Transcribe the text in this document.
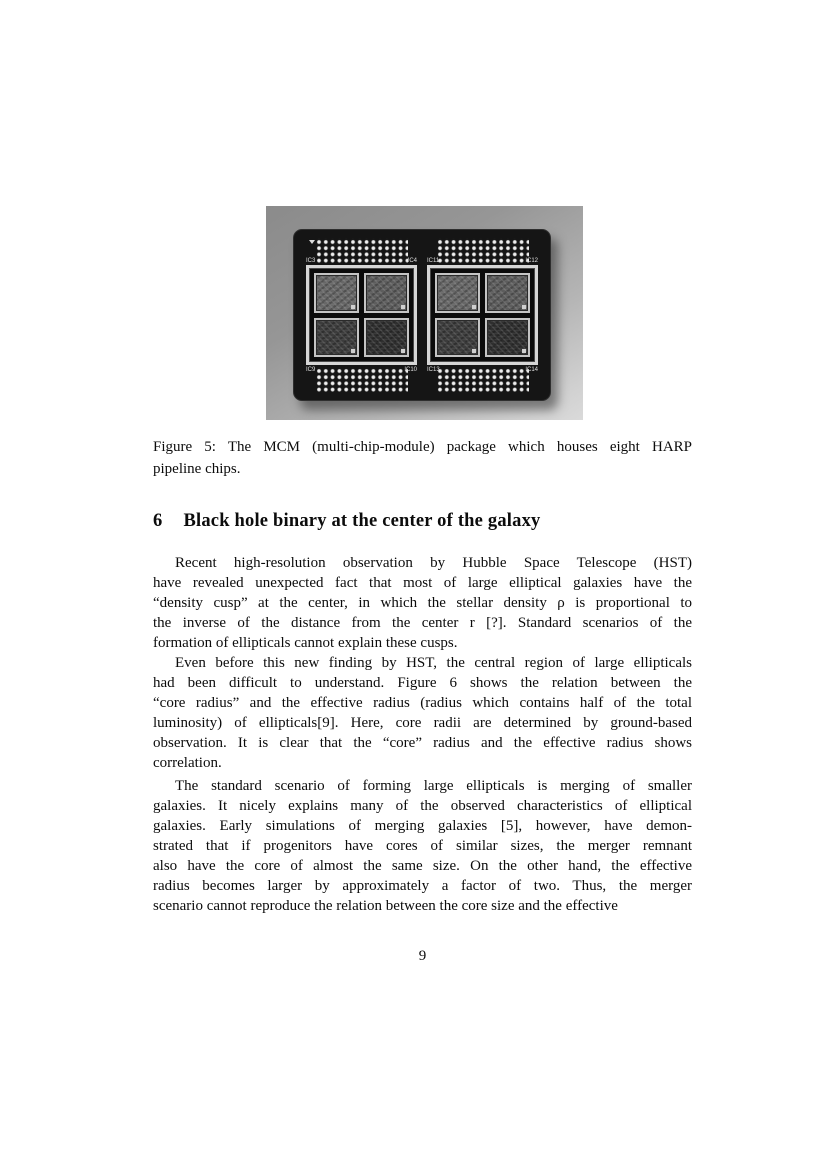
IC3	IC4
IC9	IC10
IC11	IC12
IC13	IC14
Figure 5: The MCM (multi-chip-module) package which houses eight HARP
pipeline chips.
6 Black hole binary at the center of the galaxy
Recent high-resolution observation by Hubble Space Telescope (HST)
have revealed unexpected fact that most of large elliptical galaxies have the
“density cusp” at the center, in which the stellar density ρ is proportional to
the inverse of the distance from the center r [?]. Standard scenarios of the
formation of ellipticals cannot explain these cusps.
Even before this new finding by HST, the central region of large ellipticals
had been difficult to understand. Figure 6 shows the relation between the
“core radius” and the effective radius (radius which contains half of the total
luminosity) of ellipticals[9]. Here, core radii are determined by ground-based
observation. It is clear that the “core” radius and the effective radius shows
correlation.
The standard scenario of forming large ellipticals is merging of smaller
galaxies. It nicely explains many of the observed characteristics of elliptical
galaxies. Early simulations of merging galaxies [5], however, have demon-
strated that if progenitors have cores of similar sizes, the merger remnant
also have the core of almost the same size. On the other hand, the effective
radius becomes larger by approximately a factor of two. Thus, the merger
scenario cannot reproduce the relation between the core size and the effective
9
